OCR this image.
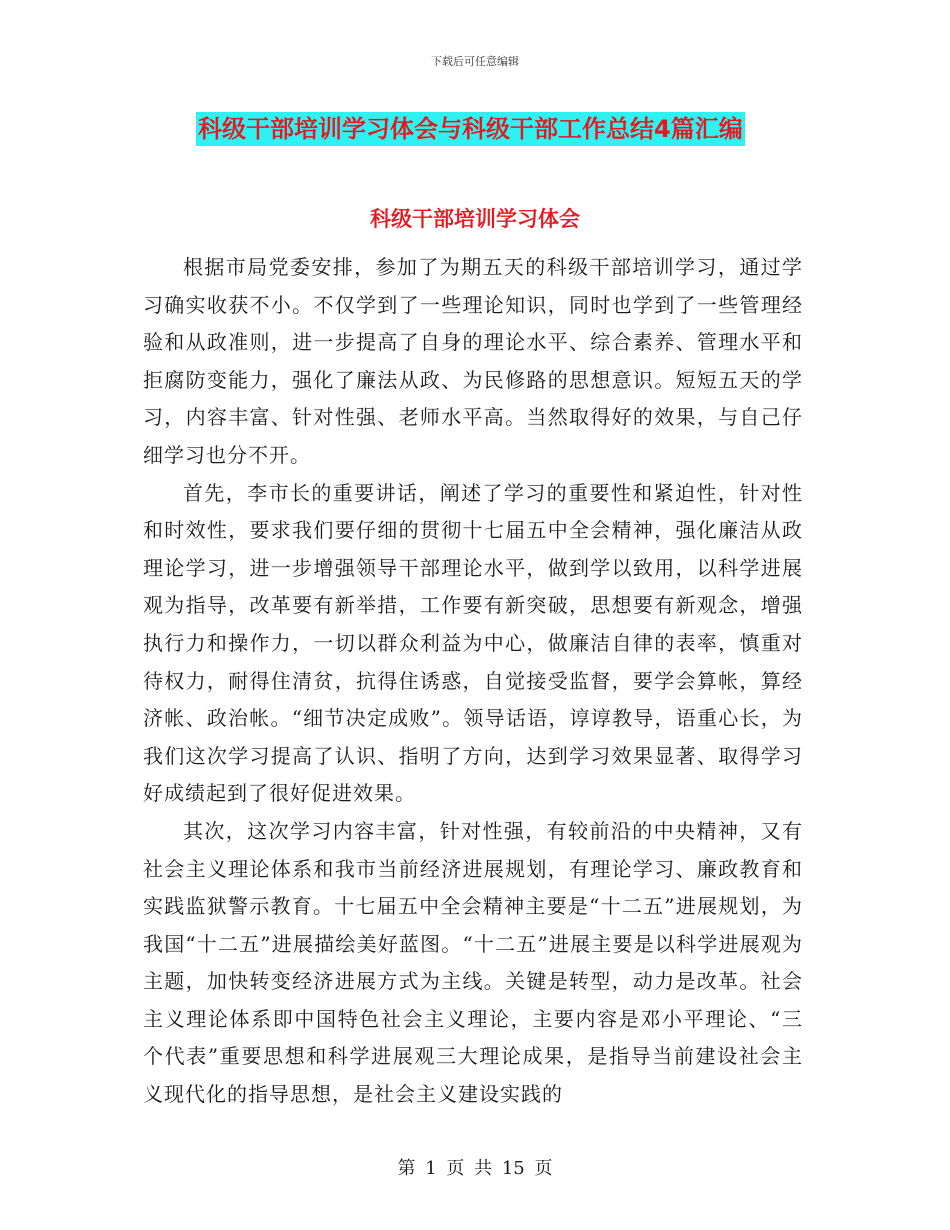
下载后可任意编辑
科级干部培训学习体会与科级干部工作总结4篇汇编
科级干部培训学习体会

根据市局党委安排，参加了为期五天的科级干部培训学习，通过学习确实收获不小。不仅学到了一些理论知识，同时也学到了一些管理经验和从政准则，进一步提高了自身的理论水平、综合素养、管理水平和拒腐防变能力，强化了廉法从政、为民修路的思想意识。短短五天的学习，内容丰富、针对性强、老师水平高。当然取得好的效果，与自己仔细学习也分不开。

首先，李市长的重要讲话，阐述了学习的重要性和紧迫性，针对性和时效性，要求我们要仔细的贯彻十七届五中全会精神，强化廉洁从政理论学习，进一步增强领导干部理论水平，做到学以致用，以科学进展观为指导，改革要有新举措，工作要有新突破，思想要有新观念，增强执行力和操作力，一切以群众利益为中心，做廉洁自律的表率，慎重对待权力，耐得住清贫，抗得住诱惑，自觉接受监督，要学会算帐，算经济帐、政治帐。“细节决定成败”。领导话语，谆谆教导，语重心长，为我们这次学习提高了认识、指明了方向，达到学习效果显著、取得学习好成绩起到了很好促进效果。

其次，这次学习内容丰富，针对性强，有较前沿的中央精神，又有社会主义理论体系和我市当前经济进展规划，有理论学习、廉政教育和实践监狱警示教育。十七届五中全会精神主要是“十二五”进展规划，为我国“十二五”进展描绘美好蓝图。“十二五”进展主要是以科学进展观为主题，加快转变经济进展方式为主线。关键是转型，动力是改革。社会主义理论体系即中国特色社会主义理论，主要内容是邓小平理论、“三个代表”重要思想和科学进展观三大理论成果，是指导当前建设社会主义现代化的指导思想，是社会主义建设实践的

第 1 页 共 15 页
